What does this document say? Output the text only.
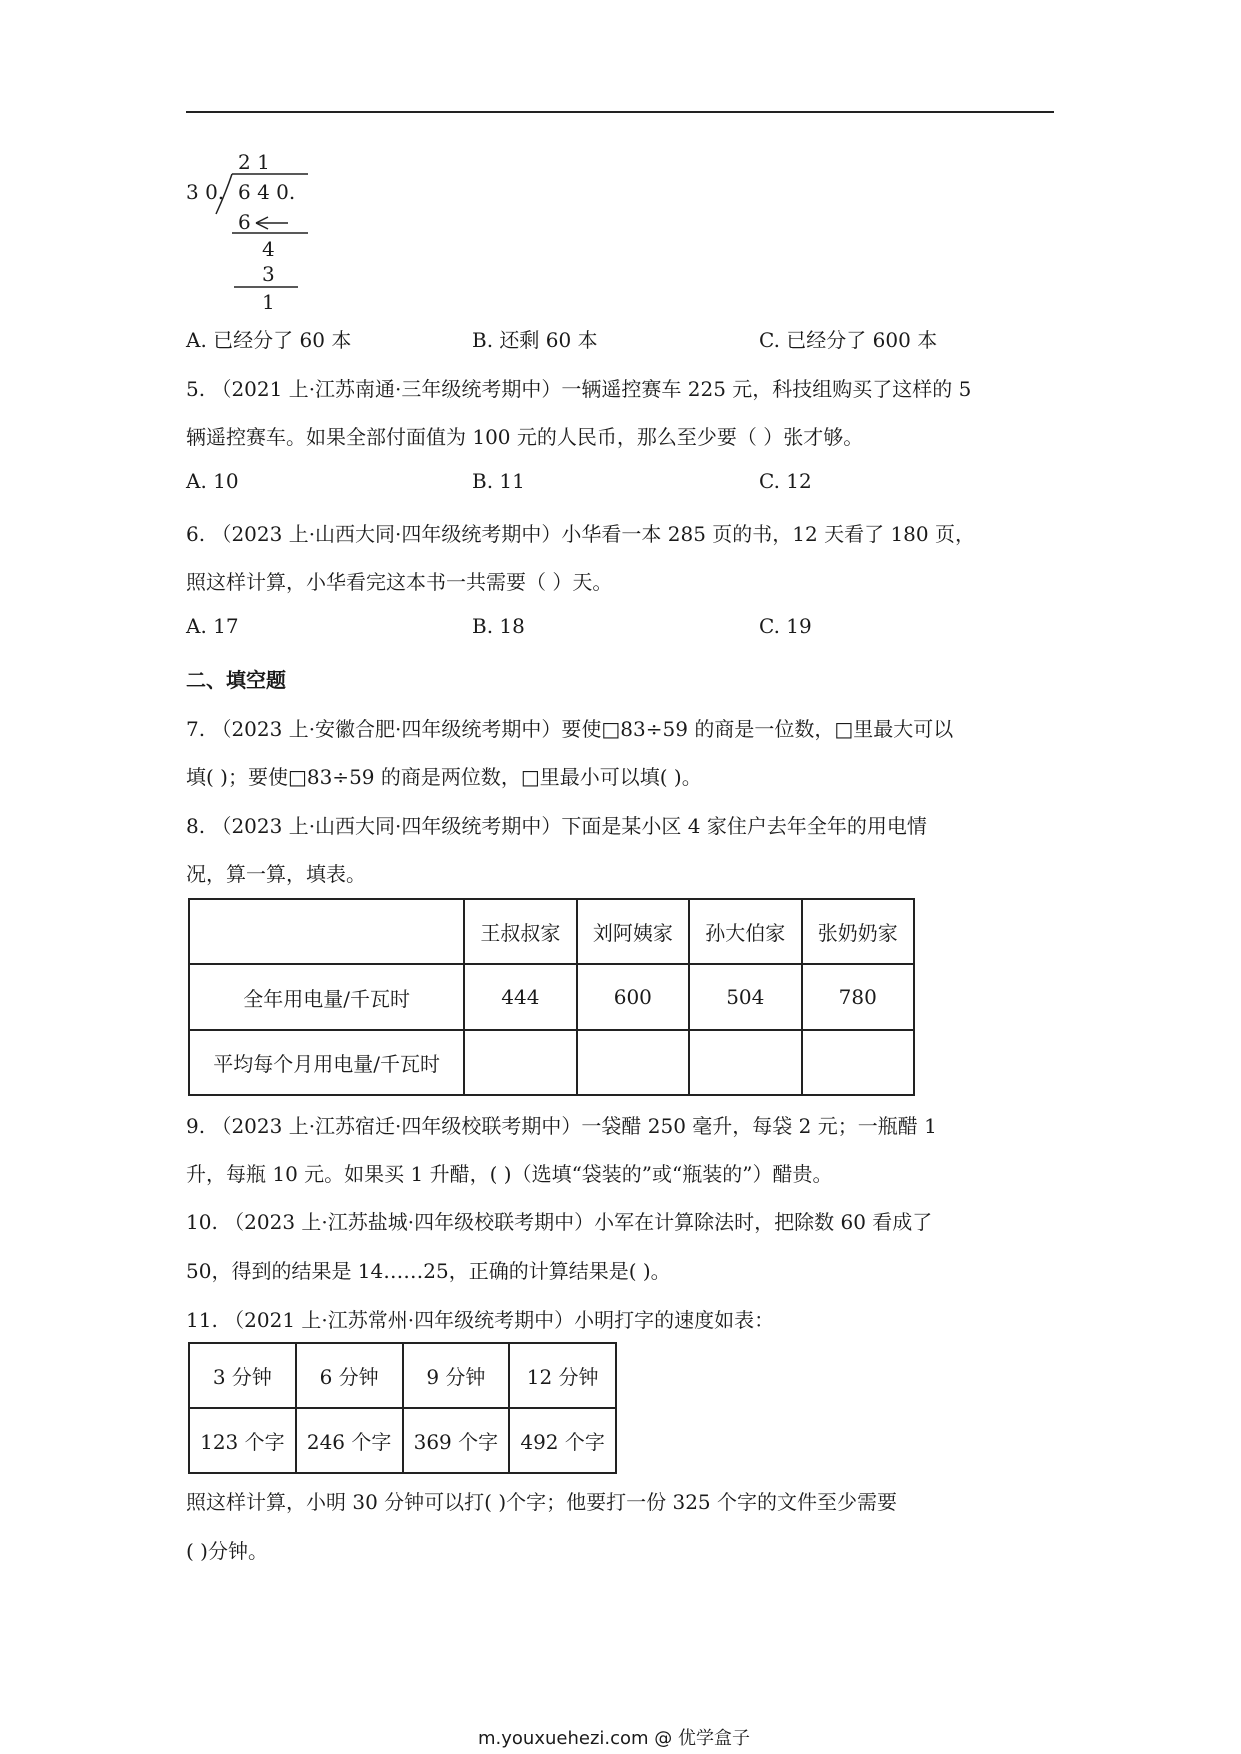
2 1
3 0. 6 4 0.
6
4
3
1
A. 已经分了 60 本	B. 还剩 60 本	C. 已经分了 600 本
5. （2021 上·江苏南通·三年级统考期中）一辆遥控赛车 225 元，科技组购买了这样的 5
辆遥控赛车。如果全部付面值为 100 元的人民币，那么至少要（ ）张才够。
A. 10	B. 11	C. 12
6. （2023 上·山西大同·四年级统考期中）小华看一本 285 页的书，12 天看了 180 页，
照这样计算，小华看完这本书一共需要（ ）天。
A. 17	B. 18	C. 19
二、填空题
7. （2023 上·安徽合肥·四年级统考期中）要使□83÷59 的商是一位数，□里最大可以
填( )；要使□83÷59 的商是两位数，□里最小可以填( )。
8. （2023 上·山西大同·四年级统考期中）下面是某小区 4 家住户去年全年的用电情
况，算一算，填表。
	王叔叔家	刘阿姨家	孙大伯家	张奶奶家
全年用电量/千瓦时	444	600	504	780
平均每个月用电量/千瓦时				
9. （2023 上·江苏宿迁·四年级校联考期中）一袋醋 250 毫升，每袋 2 元；一瓶醋 1
升，每瓶 10 元。如果买 1 升醋，( )（选填“袋装的”或“瓶装的”）醋贵。
10. （2023 上·江苏盐城·四年级校联考期中）小军在计算除法时，把除数 60 看成了
50，得到的结果是 14……25，正确的计算结果是( )。
11. （2021 上·江苏常州·四年级统考期中）小明打字的速度如表：
3 分钟	6 分钟	9 分钟	12 分钟
123 个字	246 个字	369 个字	492 个字
照这样计算，小明 30 分钟可以打( )个字；他要打一份 325 个字的文件至少需要
( )分钟。
m.youxuehezi.com @ 优学盒子
